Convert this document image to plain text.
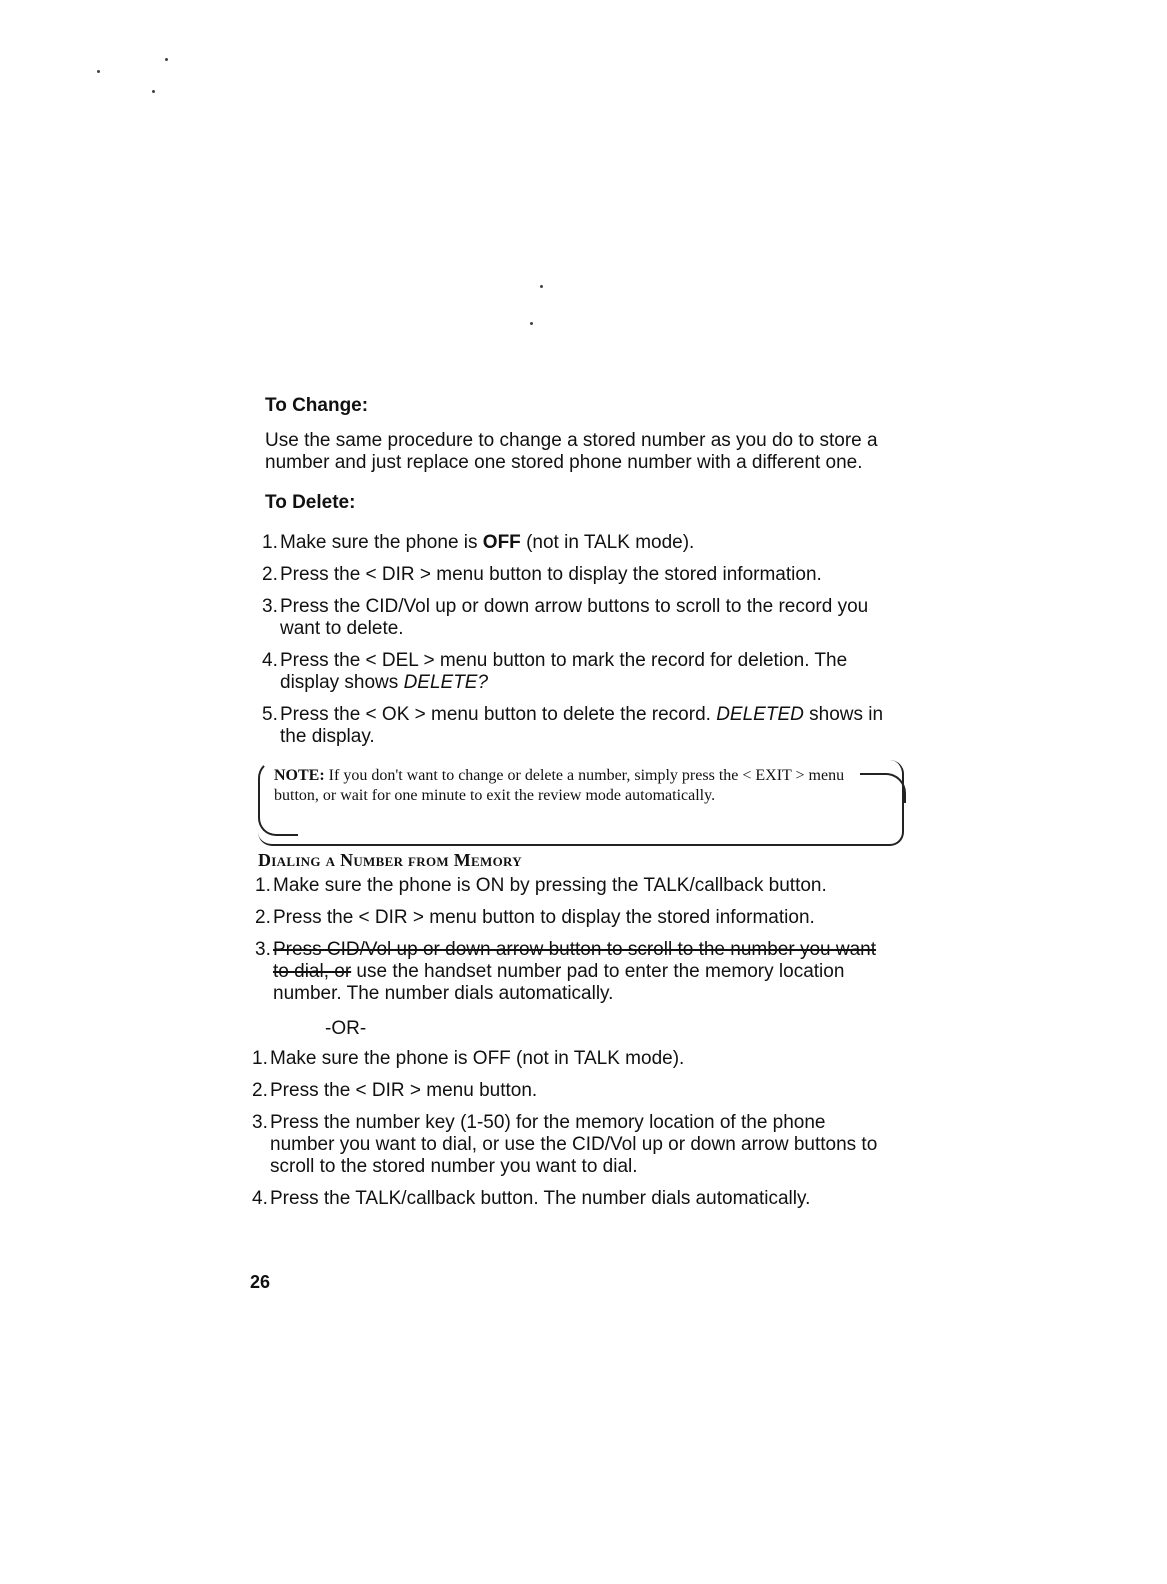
To Change:
Use the same procedure to change a stored number as you do to store a number and just replace one stored phone number with a different one.
To Delete:
1. Make sure the phone is OFF (not in TALK mode).
2. Press the < DIR > menu button to display the stored information.
3. Press the CID/Vol up or down arrow buttons to scroll to the record you want to delete.
4. Press the < DEL > menu button to mark the record for deletion. The display shows DELETE?
5. Press the < OK > menu button to delete the record. DELETED shows in the display.
NOTE: If you don't want to change or delete a number, simply press the < EXIT > menu button, or wait for one minute to exit the review mode automatically.
Dialing a Number from Memory
1. Make sure the phone is ON by pressing the TALK/callback button.
2. Press the < DIR > menu button to display the stored information.
3. Press CID/Vol up or down arrow button to scroll to the number you want to dial, or use the handset number pad to enter the memory location number. The number dials automatically.
-OR-
1. Make sure the phone is OFF (not in TALK mode).
2. Press the < DIR > menu button.
3. Press the number key (1-50) for the memory location of the phone number you want to dial, or use the CID/Vol up or down arrow buttons to scroll to the stored number you want to dial.
4. Press the TALK/callback button. The number dials automatically.
26
